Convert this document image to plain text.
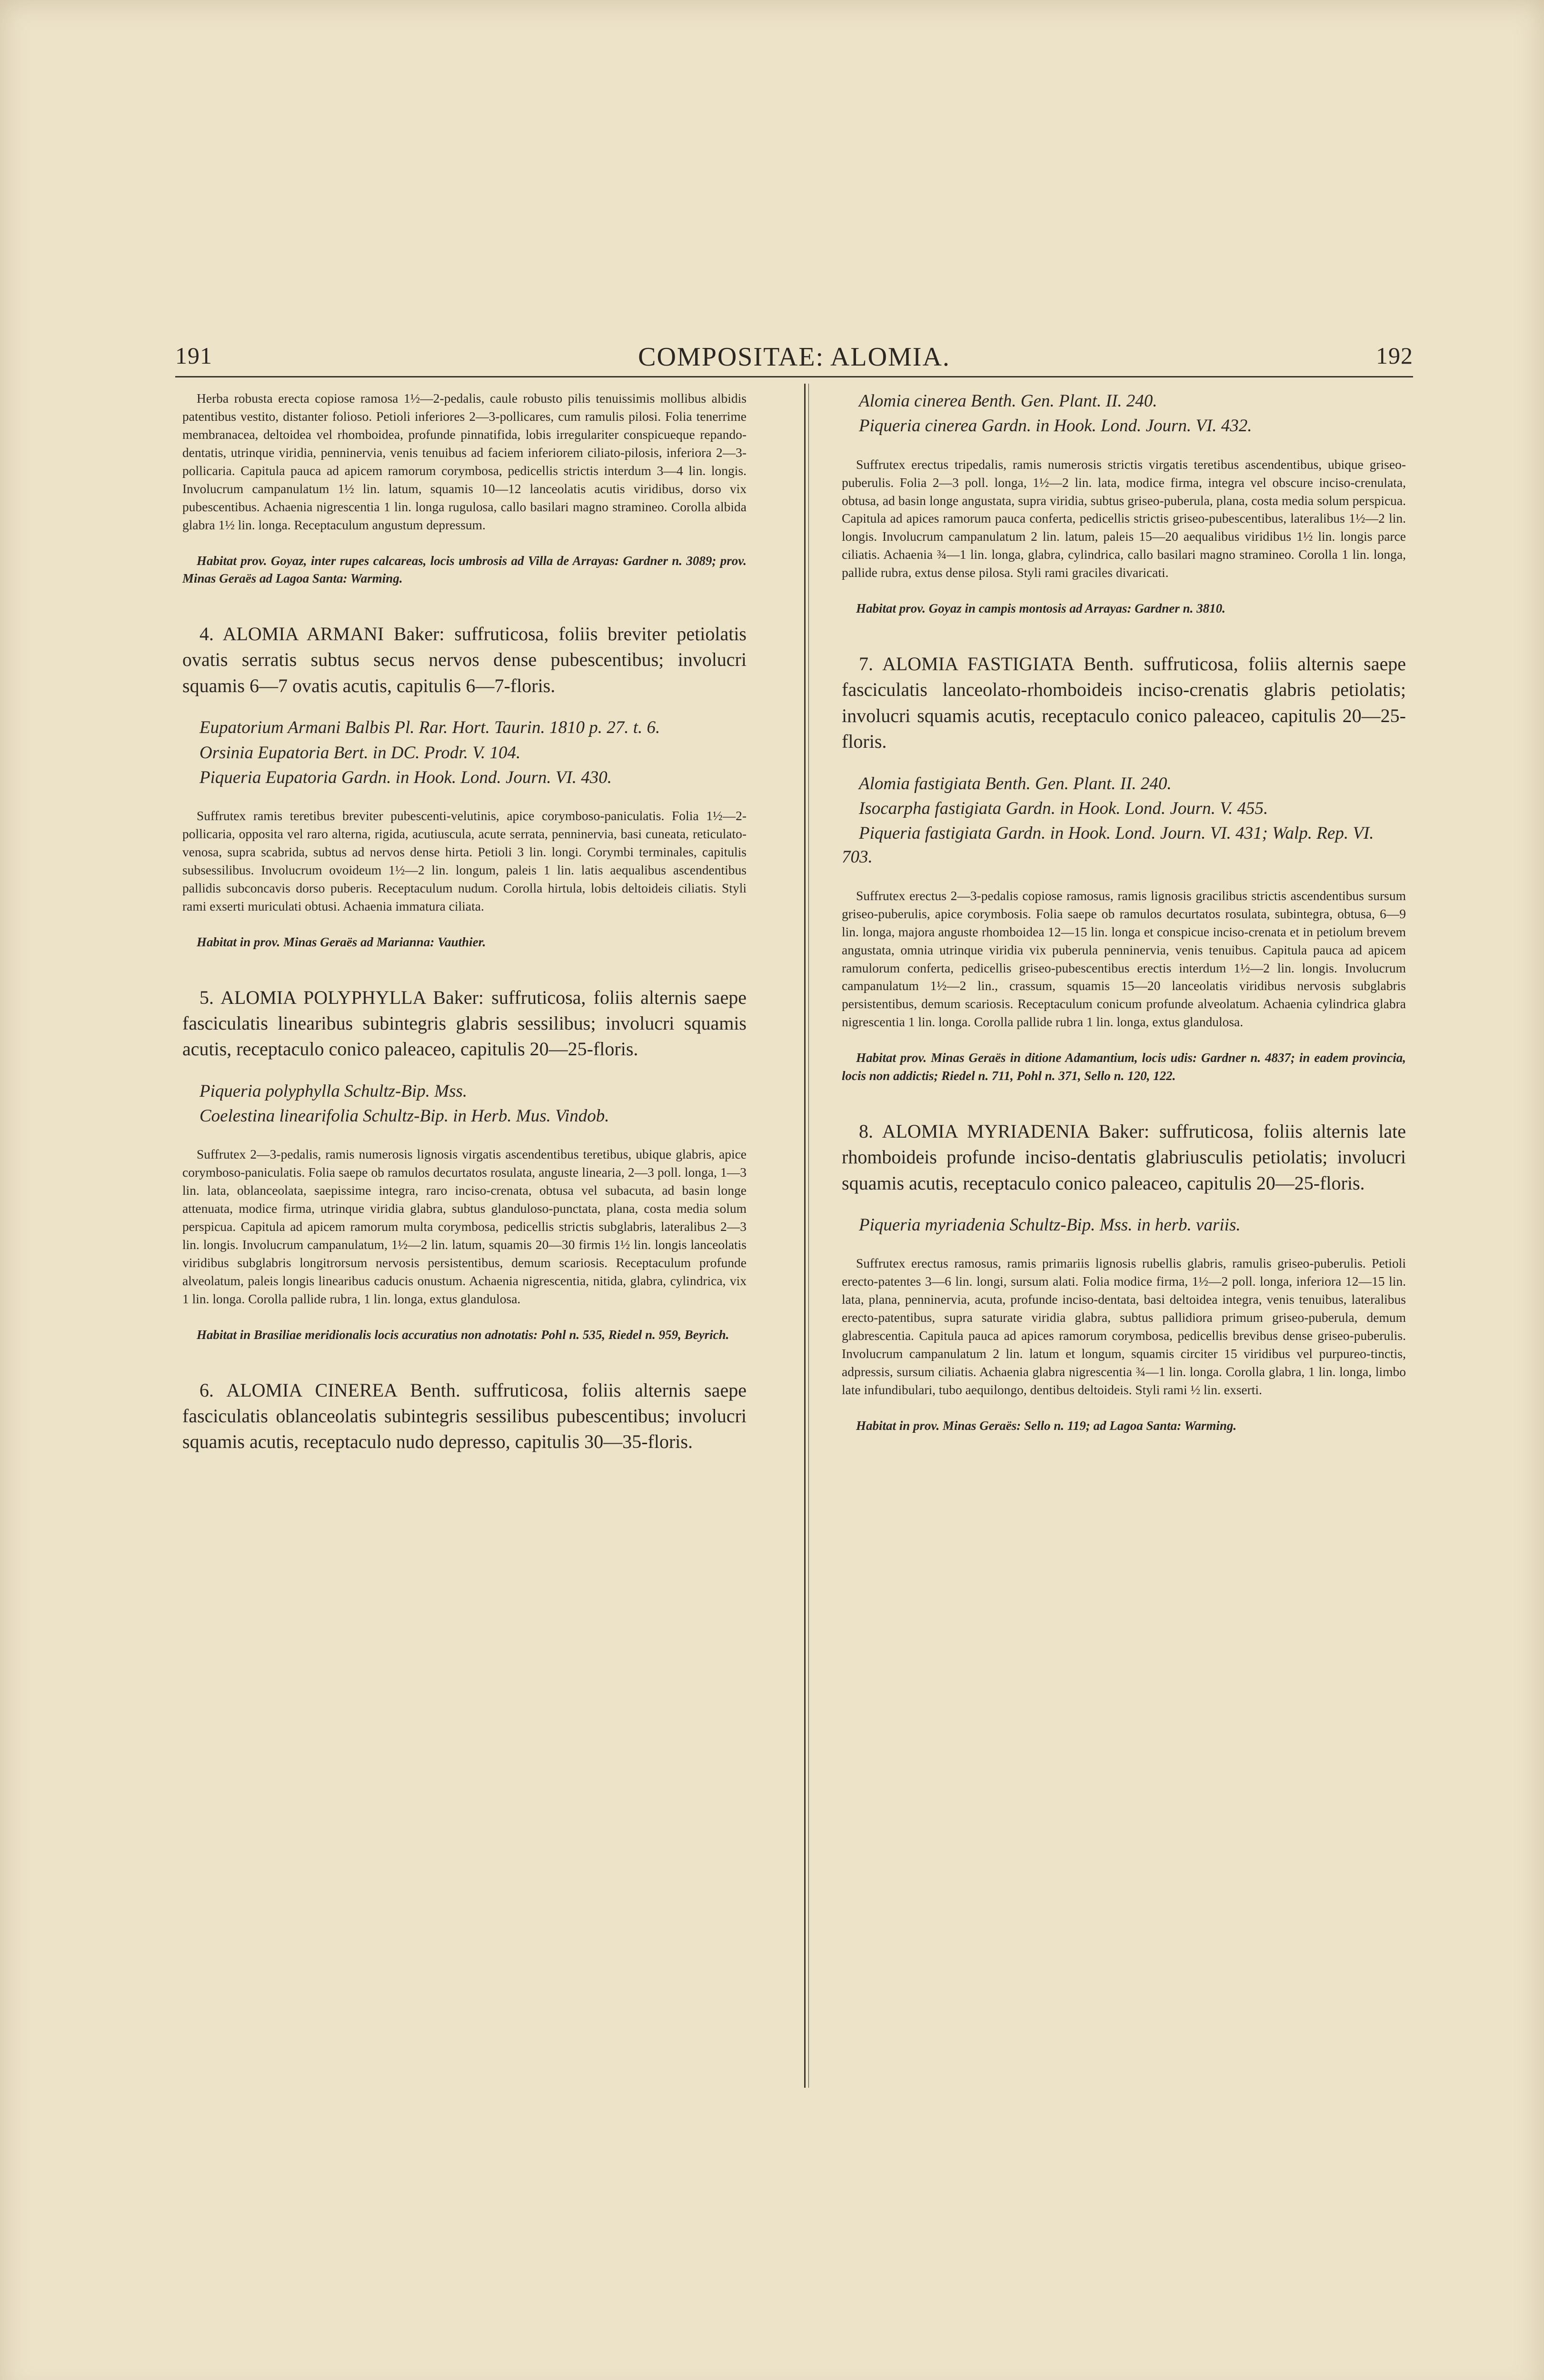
191	COMPOSITAE: ALOMIA.	192

Herba robusta erecta copiose ramosa 1½—2-pedalis, caule robusto pilis tenuissimis mollibus albidis patentibus vestito, distanter folioso. Petioli inferiores 2—3-pollicares, cum ramulis pilosi. Folia tenerrime membranacea, deltoidea vel rhomboidea, profunde pinnatifida, lobis irregulariter conspicueque repando-dentatis, utrinque viridia, penninervia, venis tenuibus ad faciem inferiorem ciliato-pilosis, inferiora 2—3-pollicaria. Capitula pauca ad apicem ramorum corymbosa, pedicellis strictis interdum 3—4 lin. longis. Involucrum campanulatum 1½ lin. latum, squamis 10—12 lanceolatis acutis viridibus, dorso vix pubescentibus. Achaenia nigrescentia 1 lin. longa rugulosa, callo basilari magno stramineo. Corolla albida glabra 1½ lin. longa. Receptaculum angustum depressum.

Habitat prov. Goyaz, inter rupes calcareas, locis umbrosis ad Villa de Arrayas: Gardner n. 3089; prov. Minas Geraës ad Lagoa Santa: Warming.

4. ALOMIA ARMANI Baker: suffruticosa, foliis breviter petiolatis ovatis serratis subtus secus nervos dense pubescentibus; involucri squamis 6—7 ovatis acutis, capitulis 6—7-floris.

Eupatorium Armani Balbis Pl. Rar. Hort. Taurin. 1810 p. 27. t. 6.

Orsinia Eupatoria Bert. in DC. Prodr. V. 104.

Piqueria Eupatoria Gardn. in Hook. Lond. Journ. VI. 430.

Suffrutex ramis teretibus breviter pubescenti-velutinis, apice corymboso-paniculatis. Folia 1½—2-pollicaria, opposita vel raro alterna, rigida, acutiuscula, acute serrata, penninervia, basi cuneata, reticulato-venosa, supra scabrida, subtus ad nervos dense hirta. Petioli 3 lin. longi. Corymbi terminales, capitulis subsessilibus. Involucrum ovoideum 1½—2 lin. longum, paleis 1 lin. latis aequalibus ascendentibus pallidis subconcavis dorso puberis. Receptaculum nudum. Corolla hirtula, lobis deltoideis ciliatis. Styli rami exserti muriculati obtusi. Achaenia immatura ciliata.

Habitat in prov. Minas Geraës ad Marianna: Vauthier.

5. ALOMIA POLYPHYLLA Baker: suffruticosa, foliis alternis saepe fasciculatis linearibus subintegris glabris sessilibus; involucri squamis acutis, receptaculo conico paleaceo, capitulis 20—25-floris.

Piqueria polyphylla Schultz-Bip. Mss.

Coelestina linearifolia Schultz-Bip. in Herb. Mus. Vindob.

Suffrutex 2—3-pedalis, ramis numerosis lignosis virgatis ascendentibus teretibus, ubique glabris, apice corymboso-paniculatis. Folia saepe ob ramulos decurtatos rosulata, anguste linearia, 2—3 poll. longa, 1—3 lin. lata, oblanceolata, saepissime integra, raro inciso-crenata, obtusa vel subacuta, ad basin longe attenuata, modice firma, utrinque viridia glabra, subtus glanduloso-punctata, plana, costa media solum perspicua. Capitula ad apicem ramorum multa corymbosa, pedicellis strictis subglabris, lateralibus 2—3 lin. longis. Involucrum campanulatum, 1½—2 lin. latum, squamis 20—30 firmis 1½ lin. longis lanceolatis viridibus subglabris longitrorsum nervosis persistentibus, demum scariosis. Receptaculum profunde alveolatum, paleis longis linearibus caducis onustum. Achaenia nigrescentia, nitida, glabra, cylindrica, vix 1 lin. longa. Corolla pallide rubra, 1 lin. longa, extus glandulosa.

Habitat in Brasiliae meridionalis locis accuratius non adnotatis: Pohl n. 535, Riedel n. 959, Beyrich.

6. ALOMIA CINEREA Benth. suffruticosa, foliis alternis saepe fasciculatis oblanceolatis subintegris sessilibus pubescentibus; involucri squamis acutis, receptaculo nudo depresso, capitulis 30—35-floris.

Alomia cinerea Benth. Gen. Plant. II. 240.

Piqueria cinerea Gardn. in Hook. Lond. Journ. VI. 432.

Suffrutex erectus tripedalis, ramis numerosis strictis virgatis teretibus ascendentibus, ubique griseo-puberulis. Folia 2—3 poll. longa, 1½—2 lin. lata, modice firma, integra vel obscure inciso-crenulata, obtusa, ad basin longe angustata, supra viridia, subtus griseo-puberula, plana, costa media solum perspicua. Capitula ad apices ramorum pauca conferta, pedicellis strictis griseo-pubescentibus, lateralibus 1½—2 lin. longis. Involucrum campanulatum 2 lin. latum, paleis 15—20 aequalibus viridibus 1½ lin. longis parce ciliatis. Achaenia ¾—1 lin. longa, glabra, cylindrica, callo basilari magno stramineo. Corolla 1 lin. longa, pallide rubra, extus dense pilosa. Styli rami graciles divaricati.

Habitat prov. Goyaz in campis montosis ad Arrayas: Gardner n. 3810.

7. ALOMIA FASTIGIATA Benth. suffruticosa, foliis alternis saepe fasciculatis lanceolato-rhomboideis inciso-crenatis glabris petiolatis; involucri squamis acutis, receptaculo conico paleaceo, capitulis 20—25-floris.

Alomia fastigiata Benth. Gen. Plant. II. 240.

Isocarpha fastigiata Gardn. in Hook. Lond. Journ. V. 455.

Piqueria fastigiata Gardn. in Hook. Lond. Journ. VI. 431; Walp. Rep. VI. 703.

Suffrutex erectus 2—3-pedalis copiose ramosus, ramis lignosis gracilibus strictis ascendentibus sursum griseo-puberulis, apice corymbosis. Folia saepe ob ramulos decurtatos rosulata, subintegra, obtusa, 6—9 lin. longa, majora anguste rhomboidea 12—15 lin. longa et conspicue inciso-crenata et in petiolum brevem angustata, omnia utrinque viridia vix puberula penninervia, venis tenuibus. Capitula pauca ad apicem ramulorum conferta, pedicellis griseo-pubescentibus erectis interdum 1½—2 lin. longis. Involucrum campanulatum 1½—2 lin., crassum, squamis 15—20 lanceolatis viridibus nervosis subglabris persistentibus, demum scariosis. Receptaculum conicum profunde alveolatum. Achaenia cylindrica glabra nigrescentia 1 lin. longa. Corolla pallide rubra 1 lin. longa, extus glandulosa.

Habitat prov. Minas Geraës in ditione Adamantium, locis udis: Gardner n. 4837; in eadem provincia, locis non addictis; Riedel n. 711, Pohl n. 371, Sello n. 120, 122.

8. ALOMIA MYRIADENIA Baker: suffruticosa, foliis alternis late rhomboideis profunde inciso-dentatis glabriusculis petiolatis; involucri squamis acutis, receptaculo conico paleaceo, capitulis 20—25-floris.

Piqueria myriadenia Schultz-Bip. Mss. in herb. variis.

Suffrutex erectus ramosus, ramis primariis lignosis rubellis glabris, ramulis griseo-puberulis. Petioli erecto-patentes 3—6 lin. longi, sursum alati. Folia modice firma, 1½—2 poll. longa, inferiora 12—15 lin. lata, plana, penninervia, acuta, profunde inciso-dentata, basi deltoidea integra, venis tenuibus, lateralibus erecto-patentibus, supra saturate viridia glabra, subtus pallidiora primum griseo-puberula, demum glabrescentia. Capitula pauca ad apices ramorum corymbosa, pedicellis brevibus dense griseo-puberulis. Involucrum campanulatum 2 lin. latum et longum, squamis circiter 15 viridibus vel purpureo-tinctis, adpressis, sursum ciliatis. Achaenia glabra nigrescentia ¾—1 lin. longa. Corolla glabra, 1 lin. longa, limbo late infundibulari, tubo aequilongo, dentibus deltoideis. Styli rami ½ lin. exserti.

Habitat in prov. Minas Geraës: Sello n. 119; ad Lagoa Santa: Warming.
